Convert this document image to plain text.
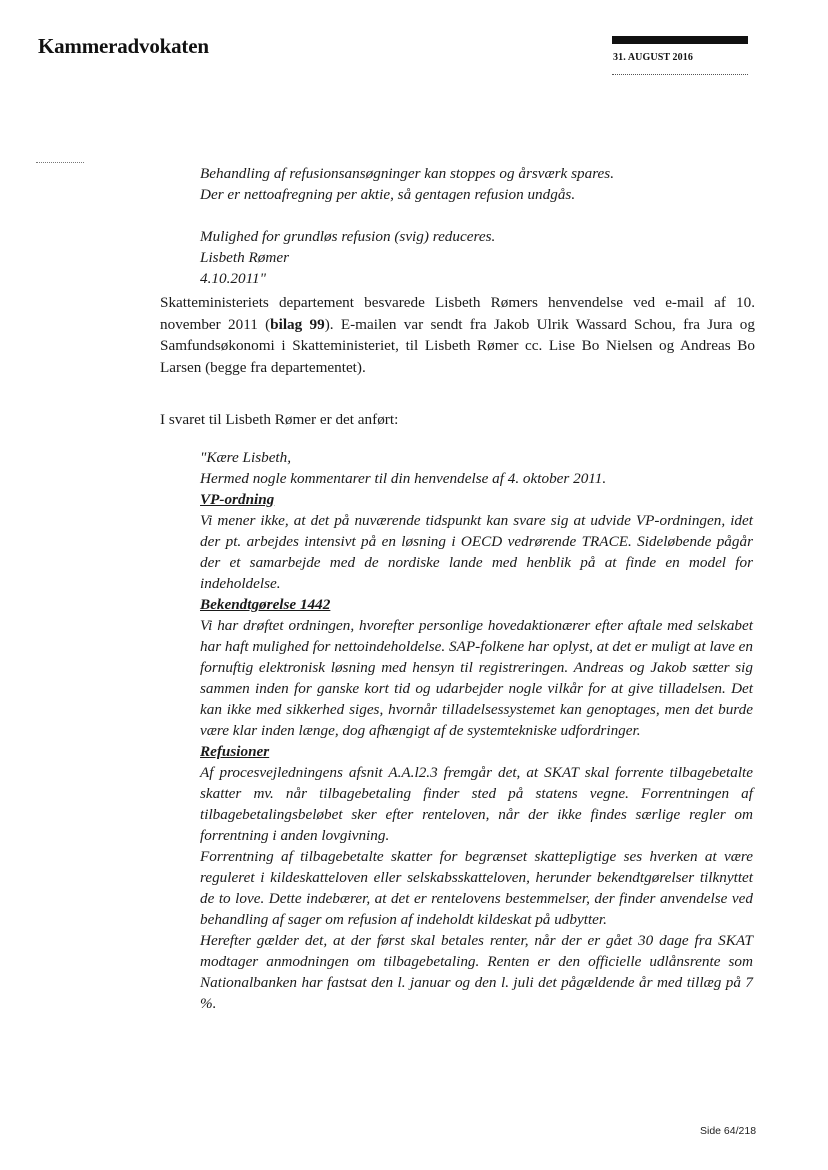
Kammeradvokaten	31. AUGUST 2016
Behandling af refusionsansøgninger kan stoppes og årsværk spares.
Der er nettoafregning per aktie, så gentagen refusion undgås.
Mulighed for grundløs refusion (svig) reduceres.
Lisbeth Rømer
4.10.2011"
Skatteministeriets departement besvarede Lisbeth Rømers henvendelse ved e-mail af 10. november 2011 (bilag 99). E-mailen var sendt fra Jakob Ulrik Wassard Schou, fra Jura og Samfundsøkonomi i Skatteministeriet, til Lisbeth Rømer cc. Lise Bo Nielsen og Andreas Bo Larsen (begge fra departementet).
I svaret til Lisbeth Rømer er det anført:

"Kære Lisbeth,

Hermed nogle kommentarer til din henvendelse af 4. oktober 2011.

VP-ordning

Vi mener ikke, at det på nuværende tidspunkt kan svare sig at udvide VP-ordningen, idet der pt. arbejdes intensivt på en løsning i OECD vedrørende TRACE. Sideløbende pågår der et samarbejde med de nordiske lande med henblik på at finde en model for indeholdelse.

Bekendtgørelse 1442

Vi har drøftet ordningen, hvorefter personlige hovedaktionærer efter aftale med selskabet har haft mulighed for nettoindeholdelse. SAP-folkene har oplyst, at det er muligt at lave en fornuftig elektronisk løsning med hensyn til registreringen. Andreas og Jakob sætter sig sammen inden for ganske kort tid og udarbejder nogle vilkår for at give tilladelsen. Det kan ikke med sikkerhed siges, hvornår tilladelsessystemet kan genoptages, men det burde være klar inden længe, dog afhængigt af de systemtekniske udfordringer.

Refusioner

Af procesvejledningens afsnit A.A.l2.3 fremgår det, at SKAT skal forrente tilbagebetalte skatter mv. når tilbagebetaling finder sted på statens vegne. Forrentningen af tilbagebetalingsbeløbet sker efter renteloven, når der ikke findes særlige regler om forrentning i anden lovgivning.

Forrentning af tilbagebetalte skatter for begrænset skattepligtige ses hverken at være reguleret i kildeskatteloven eller selskabsskatteloven, herunder bekendtgørelser tilknyttet de to love. Dette indebærer, at det er rentelovens bestemmelser, der finder anvendelse ved behandling af sager om refusion af indeholdt kildeskat på udbytter.

Herefter gælder det, at der først skal betales renter, når der er gået 30 dage fra SKAT modtager anmodningen om tilbagebetaling. Renten er den officielle udlånsrente som Nationalbanken har fastsat den l. januar og den l. juli det pågældende år med tillæg på 7 %.

Side 64/218
